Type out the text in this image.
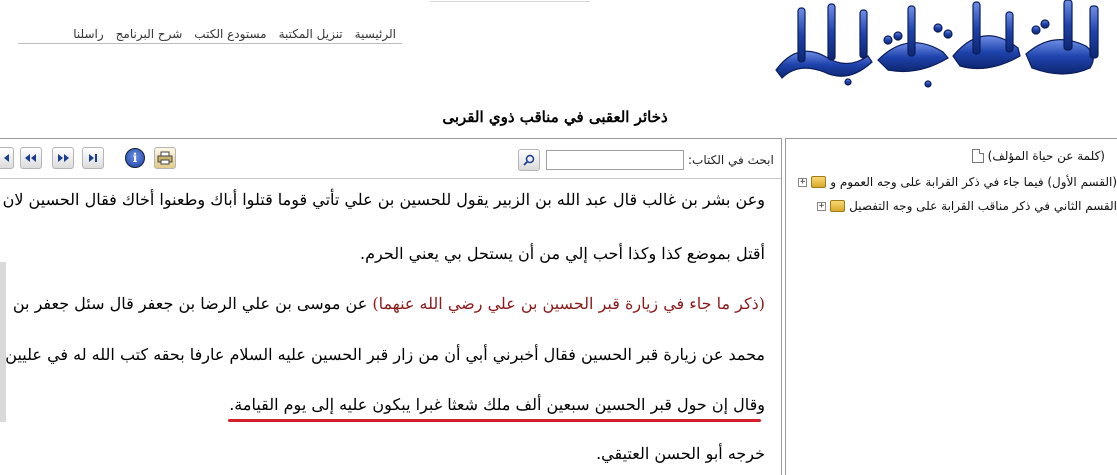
الرئيسية
تنزيل المكتبة
مستودع الكتب
شرح البرنامج
راسلنا
ذخائر العقبى في مناقب ذوي القربى
i	ابحث في الكتاب:
وعن بشر بن غالب قال عبد الله بن الزبير يقول للحسين بن علي تأتي قوما قتلوا أباك وطعنوا أخاك فقال الحسين لان
أقتل بموضع كذا وكذا أحب إلي من أن يستحل بي يعني الحرم.
(ذكر ما جاء في زيارة قبر الحسين بن علي رضي الله عنهما) عن موسى بن علي الرضا بن جعفر قال سئل جعفر بن
محمد عن زيارة قبر الحسين فقال أخبرني أبي أن من زار قبر الحسين عليه السلام عارفا بحقه كتب الله له في عليين
وقال إن حول قبر الحسين سبعين ألف ملك شعثا غبرا يبكون عليه إلى يوم القيامة.
خرجه أبو الحسن العتيقي.
(كلمة عن حياة المؤلف)
+ (القسم الأول) فيما جاء في ذكر القرابة على وجه العموم و
+ القسم الثاني في ذكر مناقب القرابة على وجه التفصيل
